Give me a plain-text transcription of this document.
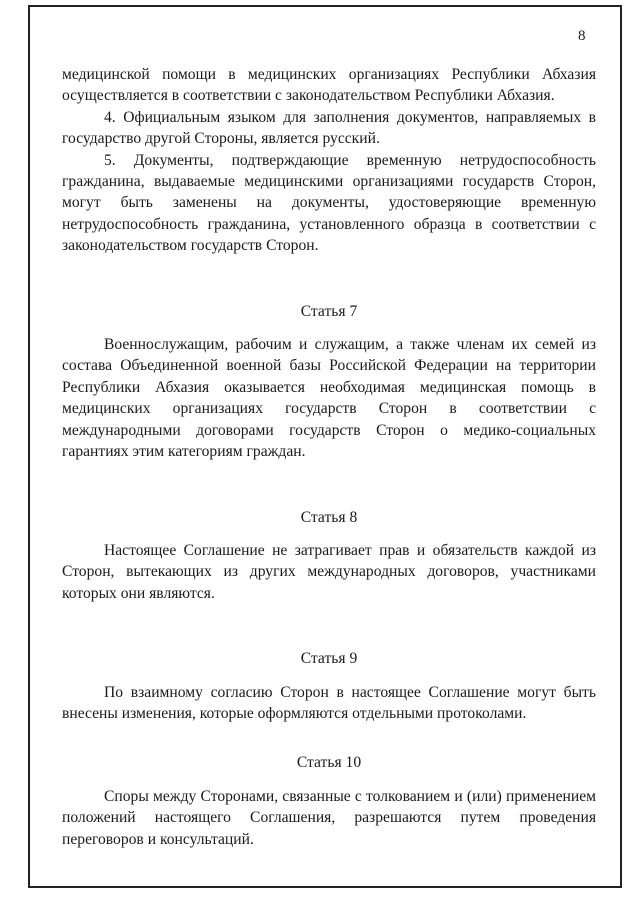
8

медицинской помощи в медицинских организациях Республики Абхазия осуществляется в соответствии с законодательством Республики Абхазия.

4. Официальным языком для заполнения документов, направляемых в государство другой Стороны, является русский.

5. Документы, подтверждающие временную нетрудоспособность гражданина, выдаваемые медицинскими организациями государств Сторон, могут быть заменены на документы, удостоверяющие временную нетрудоспособность гражданина, установленного образца в соответствии с законодательством государств Сторон.

Статья 7

Военнослужащим, рабочим и служащим, а также членам их семей из состава Объединенной военной базы Российской Федерации на территории Республики Абхазия оказывается необходимая медицинская помощь в медицинских организациях государств Сторон в соответствии с международными договорами государств Сторон о медико-социальных гарантиях этим категориям граждан.

Статья 8

Настоящее Соглашение не затрагивает прав и обязательств каждой из Сторон, вытекающих из других международных договоров, участниками которых они являются.

Статья 9

По взаимному согласию Сторон в настоящее Соглашение могут быть внесены изменения, которые оформляются отдельными протоколами.

Статья 10

Споры между Сторонами, связанные с толкованием и (или) применением положений настоящего Соглашения, разрешаются путем проведения переговоров и консультаций.
